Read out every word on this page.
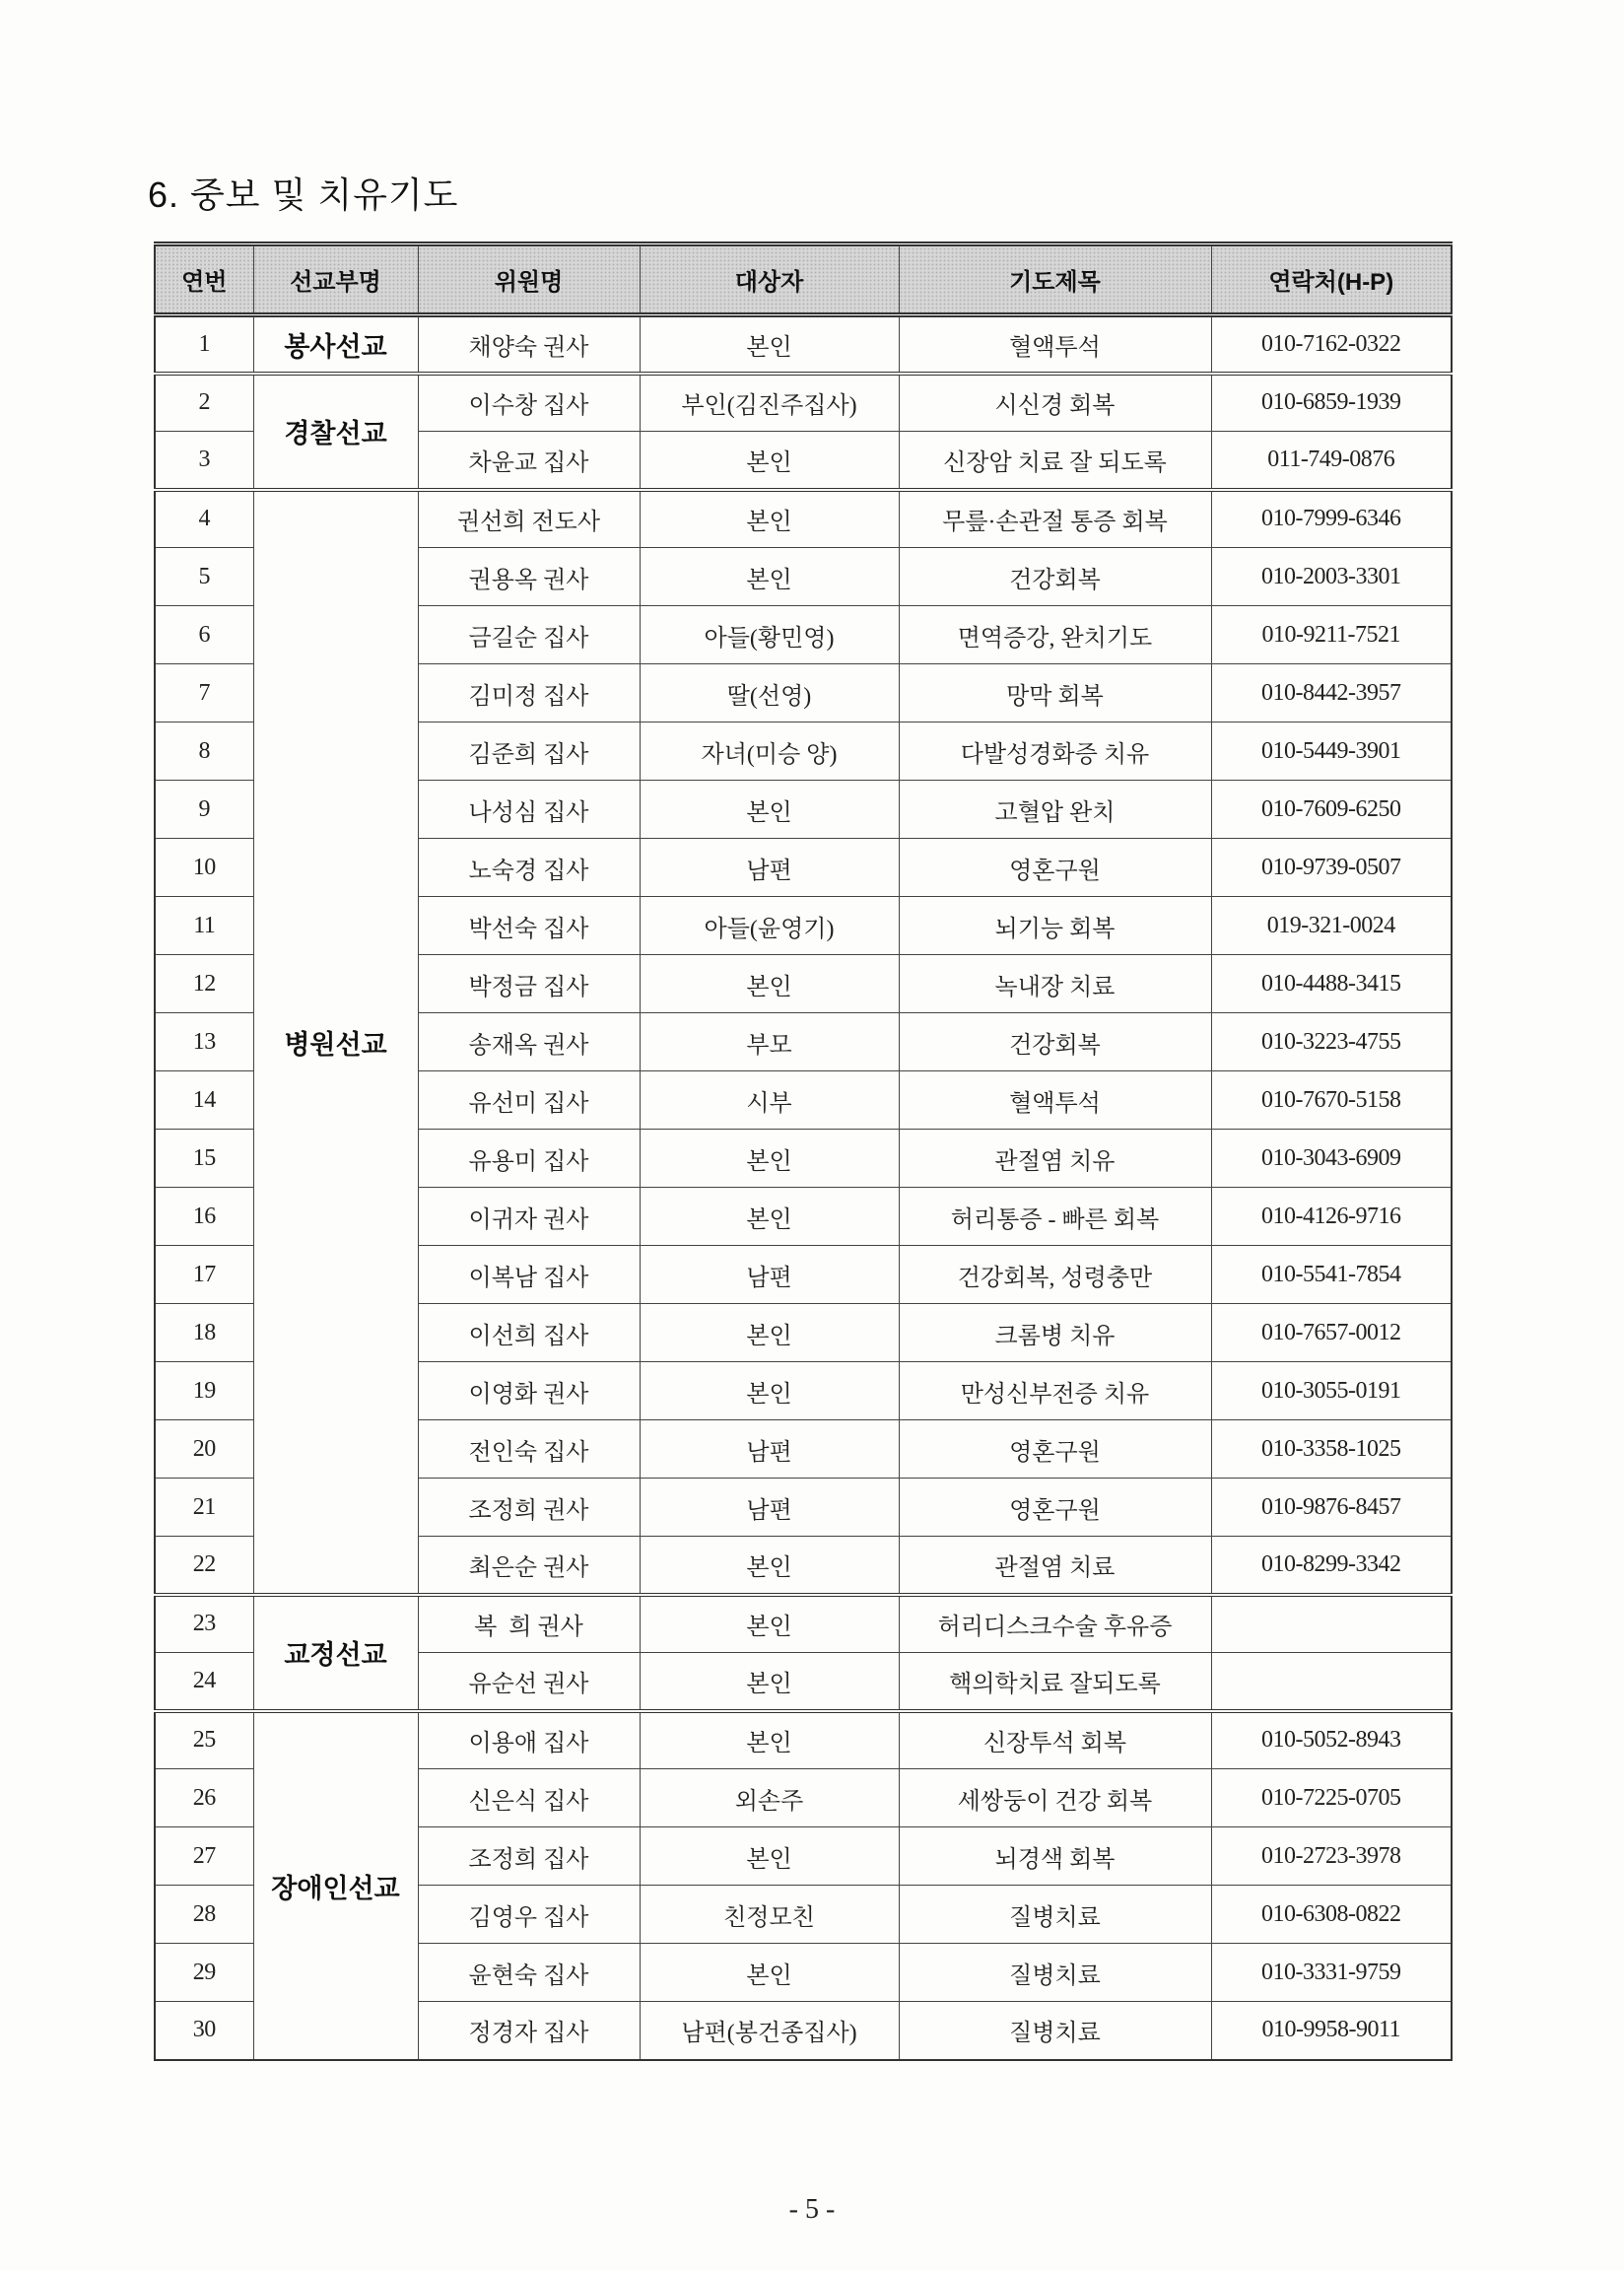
6. 중보 및 치유기도
연번	선교부명	위원명	대상자	기도제목	연락처(H-P)
1	봉사선교	채양숙 권사	본인	혈액투석	010-7162-0322
2	경찰선교	이수창 집사	부인(김진주집사)	시신경 회복	010-6859-1939
3		차윤교 집사	본인	신장암 치료 잘 되도록	011-749-0876
4	병원선교	권선희 전도사	본인	무릎·손관절 통증 회복	010-7999-6346
5		권용옥 권사	본인	건강회복	010-2003-3301
6		금길순 집사	아들(황민영)	면역증강, 완치기도	010-9211-7521
7		김미정 집사	딸(선영)	망막 회복	010-8442-3957
8		김준희 집사	자녀(미승 양)	다발성경화증 치유	010-5449-3901
9		나성심 집사	본인	고혈압 완치	010-7609-6250
10		노숙경 집사	남편	영혼구원	010-9739-0507
11		박선숙 집사	아들(윤영기)	뇌기능 회복	019-321-0024
12		박정금 집사	본인	녹내장 치료	010-4488-3415
13		송재옥 권사	부모	건강회복	010-3223-4755
14		유선미 집사	시부	혈액투석	010-7670-5158
15		유용미 집사	본인	관절염 치유	010-3043-6909
16		이귀자 권사	본인	허리통증 - 빠른 회복	010-4126-9716
17		이복남 집사	남편	건강회복, 성령충만	010-5541-7854
18		이선희 집사	본인	크롬병 치유	010-7657-0012
19		이영화 권사	본인	만성신부전증 치유	010-3055-0191
20		전인숙 집사	남편	영혼구원	010-3358-1025
21		조정희 권사	남편	영혼구원	010-9876-8457
22		최은순 권사	본인	관절염 치료	010-8299-3342
23	교정선교	복  희 권사	본인	허리디스크수술 후유증	
24		유순선 권사	본인	핵의학치료 잘되도록	
25	장애인선교	이용애 집사	본인	신장투석 회복	010-5052-8943
26		신은식 집사	외손주	세쌍둥이 건강 회복	010-7225-0705
27		조정희 집사	본인	뇌경색 회복	010-2723-3978
28		김영우 집사	친정모친	질병치료	010-6308-0822
29		윤현숙 집사	본인	질병치료	010-3331-9759
30		정경자 집사	남편(봉건종집사)	질병치료	010-9958-9011
- 5 -
